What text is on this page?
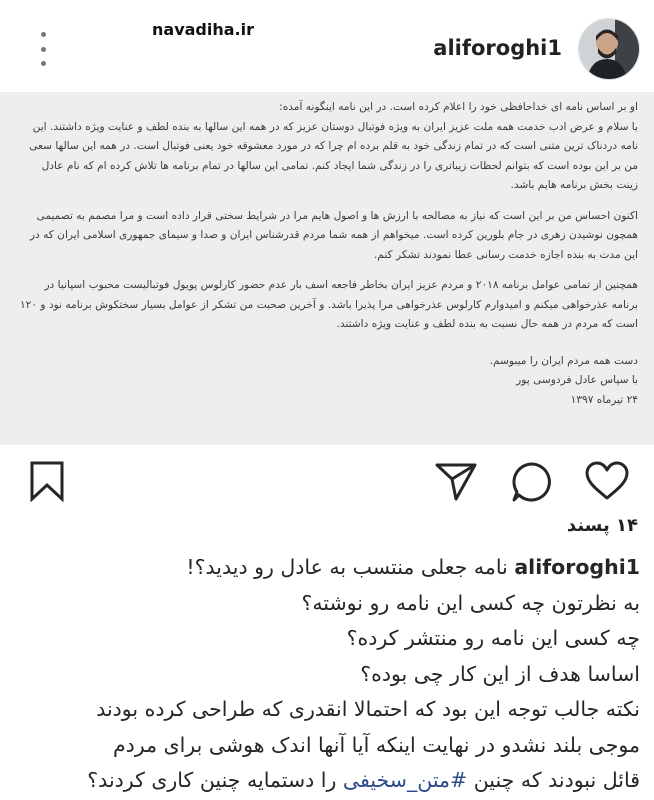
navadiha.ir
aliforoghi1

او بر اساس نامه ای خداحافظی خود را اعلام کرده است. در این نامه اینگونه آمده:

با سلام و عرض ادب خدمت همه ملت عزیز ایران به ویژه فوتبال دوستان عزیز که در همه این سالها به بنده لطف و عنایت ویژه داشتند. این نامه دردناک ترین متنی است که در تمام زندگی خود به قلم برده ام چرا که در مورد معشوقه خود یعنی فوتبال است. در همه این سالها سعی من بر این بوده است که بتوانم لحظات زیباتری را در زندگی شما ایجاد کنم. تمامی این سالها در تمام برنامه ها تلاش کرده ام که نام عادل زینت بخش برنامه هایم باشد.

اکنون احساس من بر این است که نیاز به مصالحه با ارزش ها و اصول هایم مرا در شرایط سختی قرار داده است و مرا مصمم به تصمیمی همچون نوشیدن زهری در جام بلورین کرده است. میخواهم از همه شما مردم قدرشناس ایران و صدا و سیمای جمهوری اسلامی ایران که در این مدت به بنده اجازه خدمت رسانی عطا نمودند تشکر کنم.

همچنین از تمامی عوامل برنامه ۲۰۱۸ و مردم عزیز ایران بخاطر فاجعه اسف بار عدم حضور کارلوس پویول فوتبالیست محبوب اسپانیا در برنامه عذرخواهی میکنم و امیدوارم کارلوس عذرخواهی مرا پذیرا باشد. و آخرین صحبت من تشکر از عوامل بسیار سختکوش برنامه نود و ۱۲۰ است که مردم در همه حال نسبت به بنده لطف و عنایت ویژه داشتند.

دست همه مردم ایران را میبوسم.

با سپاس عادل فردوسی پور

۲۴ تیرماه ۱۳۹۷

۱۴ پسند
aliforoghi1 نامه جعلی منتسب به عادل رو دیدید؟!
به نظرتون چه کسی این نامه رو نوشته؟
چه کسی این نامه رو منتشر کرده؟
اساسا هدف از این کار چی بوده؟
نکته جالب توجه این بود که احتمالا انقدری که طراحی کرده بودند
موجی بلند نشدو در نهایت اینکه آیا آنها اندک هوشی برای مردم
قائل نبودند که چنین #متن_سخیفی را دستمایه چنین کاری کردند؟
